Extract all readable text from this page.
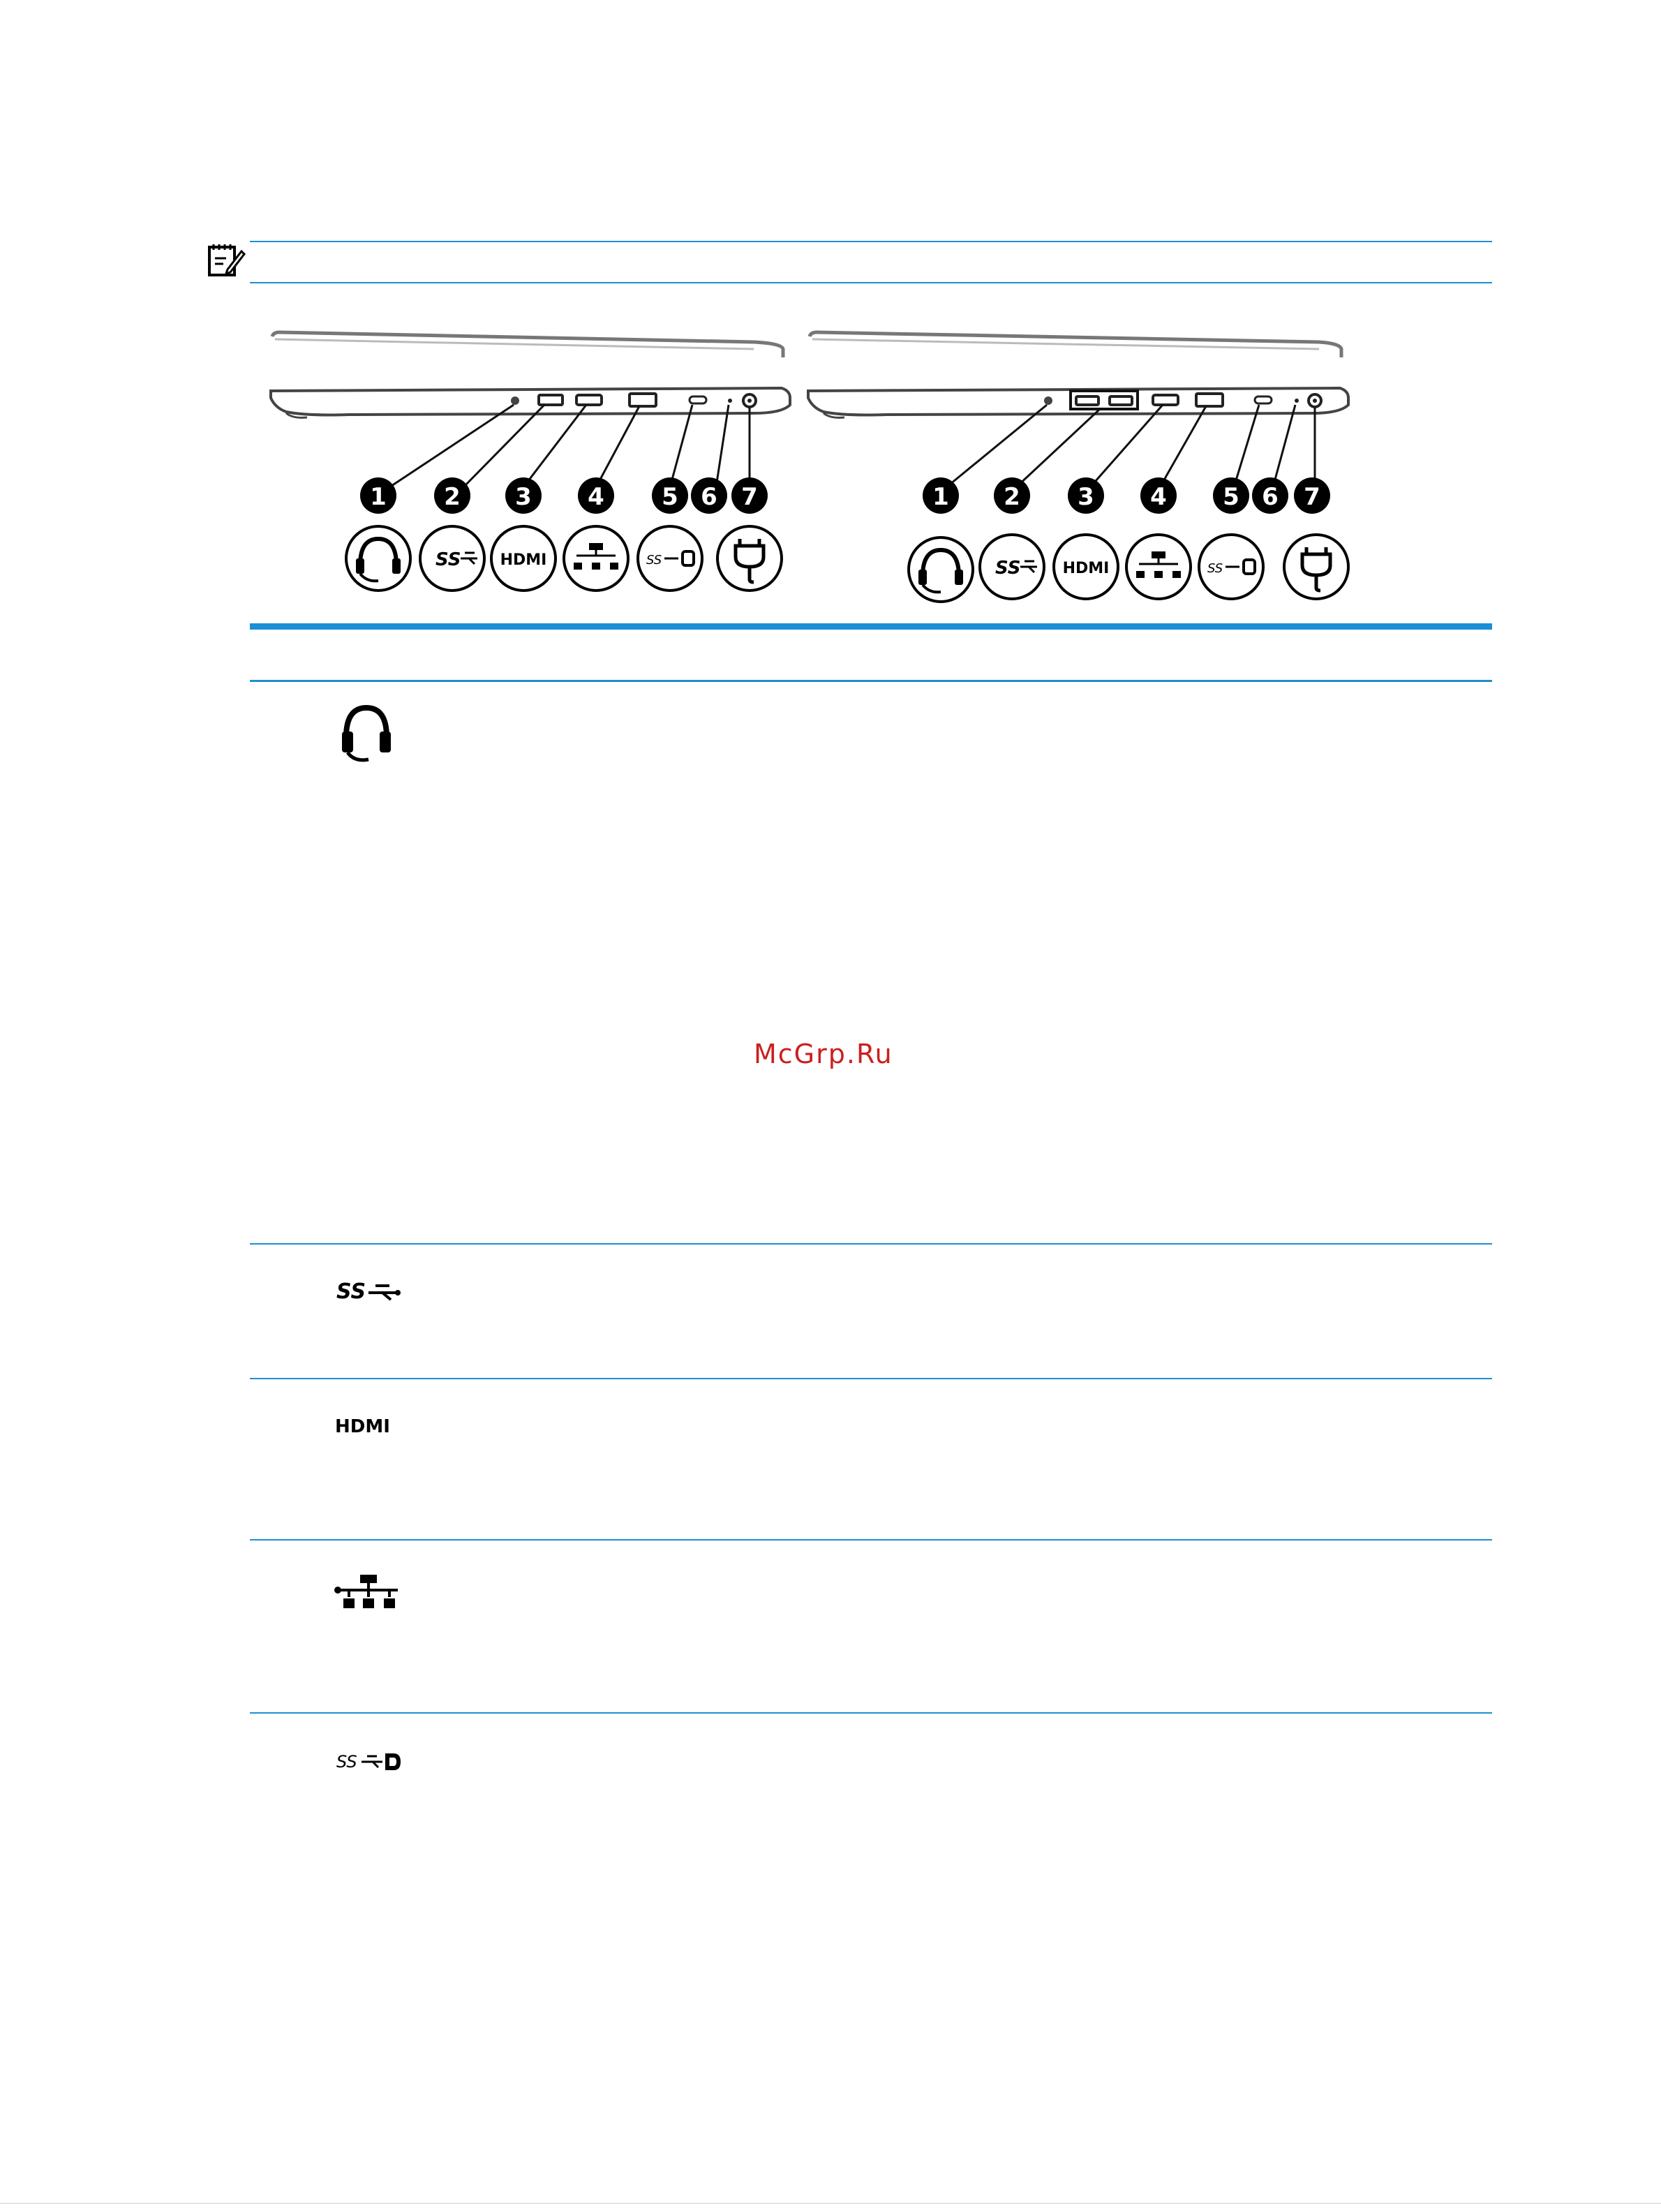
1 2 3 4 5 6 7
SS	HDMI	SS
1 2 3 4 5 6 7
SS	HDMI	SS
McGrp.Ru
SS
HDMI
SS
